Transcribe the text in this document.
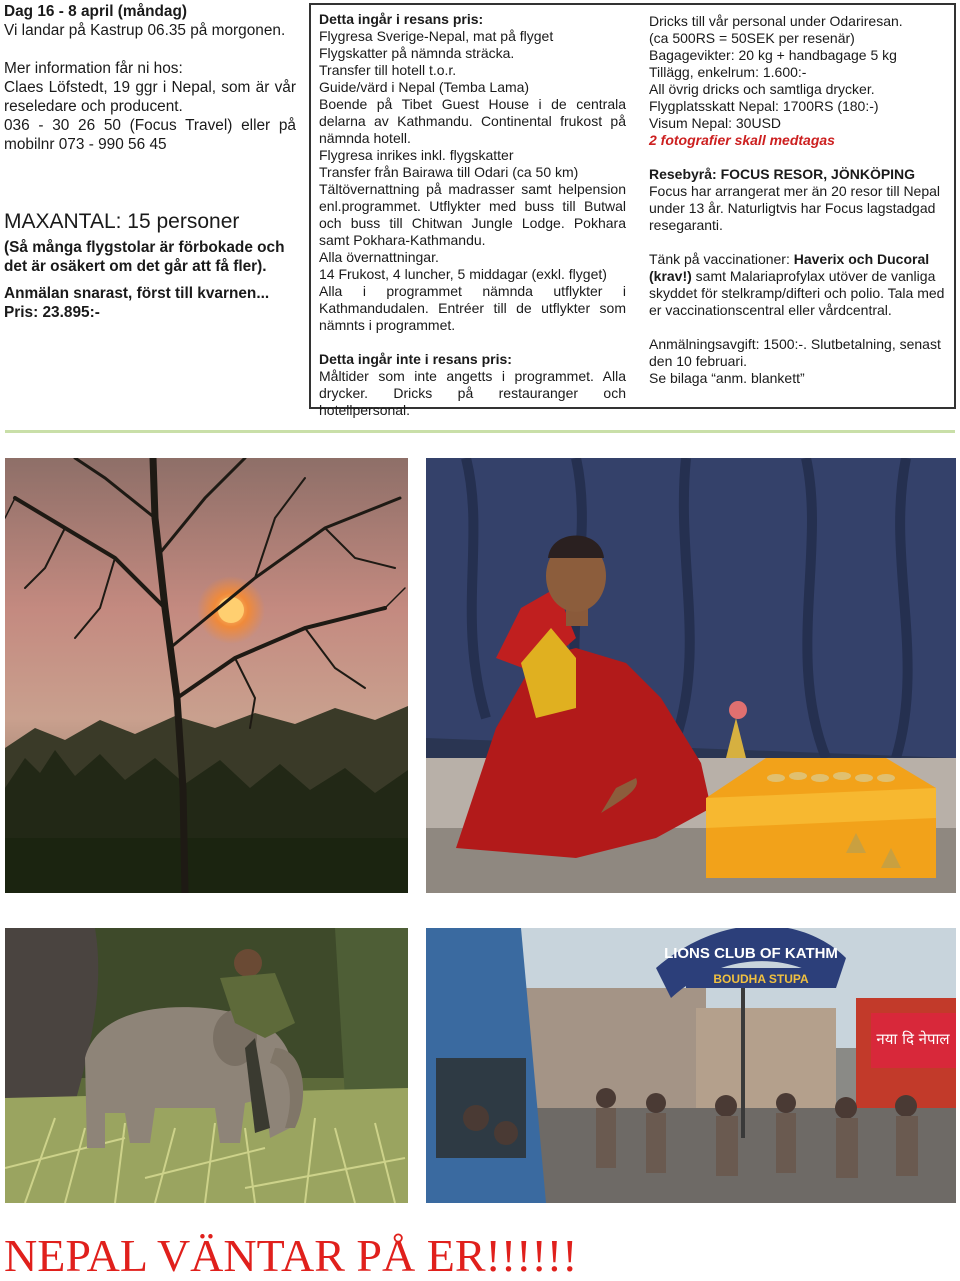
Dag 16 - 8 april (måndag)

Vi landar på Kastrup 06.35 på morgonen.

Mer information får ni hos:

Claes Löfstedt, 19 ggr i Nepal, som är vår reseledare och producent.

036 - 30 26 50 (Focus Travel) eller på mobilnr 073 - 990 56 45

MAXANTAL: 15 personer

(Så många flygstolar är förbokade och det är osäkert om det går att få fler).

Anmälan snarast, först till kvarnen...

Pris: 23.895:-

Detta ingår i resans pris:

Flygresa Sverige-Nepal, mat på flyget

Flygskatter på nämnda sträcka.

Transfer till hotell t.o.r.

Guide/värd i Nepal (Temba Lama)

Boende på Tibet Guest House i de centrala delarna av Kathmandu. Continental frukost på nämnda hotell.

Flygresa inrikes inkl. flygskatter

Transfer från Bairawa till Odari (ca 50 km)

Tältövernattning på madrasser samt helpension enl.programmet. Utflykter med buss till Butwal och buss till Chitwan Jungle Lodge. Pokhara samt Pokhara-Kathmandu.

Alla övernattningar.

14 Frukost, 4 luncher, 5 middagar (exkl. flyget)

Alla i programmet nämnda utflykter i Kathmandudalen. Entréer till de utflykter som nämnts i programmet.

Detta ingår inte i resans pris:

Måltider som inte angetts i programmet. Alla drycker. Dricks på restauranger och hotellpersonal.

Dricks till vår personal under Odariresan.

(ca 500RS = 50SEK per resenär)

Bagagevikter: 20 kg + handbagage 5 kg

Tillägg, enkelrum: 1.600:-

All övrig dricks och samtliga drycker.

Flygplatsskatt Nepal: 1700RS (180:-)

Visum Nepal: 30USD

2 fotografier skall medtagas

Resebyrå: FOCUS RESOR, JÖNKÖPING

Focus har arrangerat mer än 20 resor till Nepal under 13 år. Naturligtvis har Focus lagstadgad resegaranti.

Tänk på vaccinationer: Haverix och Ducoral (krav!) samt Malariaprofylax utöver de vanliga skyddet för stelkramp/difteri och polio. Tala med er vaccinationscentral eller vårdcentral.

Anmälningsavgift: 1500:-. Slutbetalning, senast den 10 februari.

Se bilaga “anm. blankett”

LIONS CLUB OF KATHM
BOUDHA STUPA
नया दि नेपाल
NEPAL VÄNTAR PÅ ER!!!!!!
